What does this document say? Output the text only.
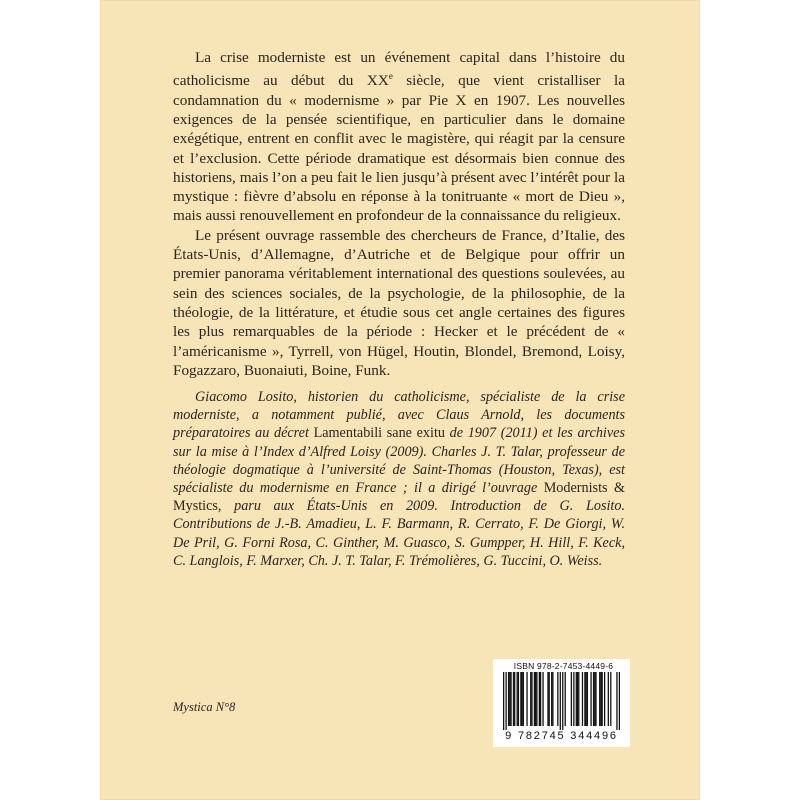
La crise moderniste est un événement capital dans l’histoire du catholicisme au début du XXe siècle, que vient cristalliser la condamnation du « modernisme » par Pie X en 1907. Les nouvelles exigences de la pensée scientifique, en particulier dans le domaine exégétique, entrent en conflit avec le magistère, qui réagit par la censure et l’exclusion. Cette période dramatique est désormais bien connue des historiens, mais l’on a peu fait le lien jusqu’à présent avec l’intérêt pour la mystique : fièvre d’absolu en réponse à la tonitruante « mort de Dieu », mais aussi renouvellement en profondeur de la connaissance du religieux.

Le présent ouvrage rassemble des chercheurs de France, d’Italie, des États-Unis, d’Allemagne, d’Autriche et de Belgique pour offrir un premier panorama véritablement international des questions soulevées, au sein des sciences sociales, de la psychologie, de la philosophie, de la théologie, de la littérature, et étudie sous cet angle certaines des figures les plus remarquables de la période : Hecker et le précédent de « l’américanisme », Tyrrell, von Hügel, Houtin, Blondel, Bremond, Loisy, Fogazzaro, Buonaiuti, Boine, Funk.

Giacomo Losito, historien du catholicisme, spécialiste de la crise moderniste, a notamment publié, avec Claus Arnold, les documents préparatoires au décret Lamentabili sane exitu de 1907 (2011) et les archives sur la mise à l’Index d’Alfred Loisy (2009). Charles J. T. Talar, professeur de théologie dogmatique à l’université de Saint-Thomas (Houston, Texas), est spécialiste du modernisme en France ; il a dirigé l’ouvrage Modernists & Mystics, paru aux États-Unis en 2009. Introduction de G. Losito. Contributions de J.-B. Amadieu, L. F. Barmann, R. Cerrato, F. De Giorgi, W. De Pril, G. Forni Rosa, C. Ginther, M. Guasco, S. Gumpper, H. Hill, F. Keck, C. Langlois, F. Marxer, Ch. J. T. Talar, F. Trémolières, G. Tuccini, O. Weiss.

Mystica N°8
ISBN 978-2-7453-4449-6
9 782745 344496
